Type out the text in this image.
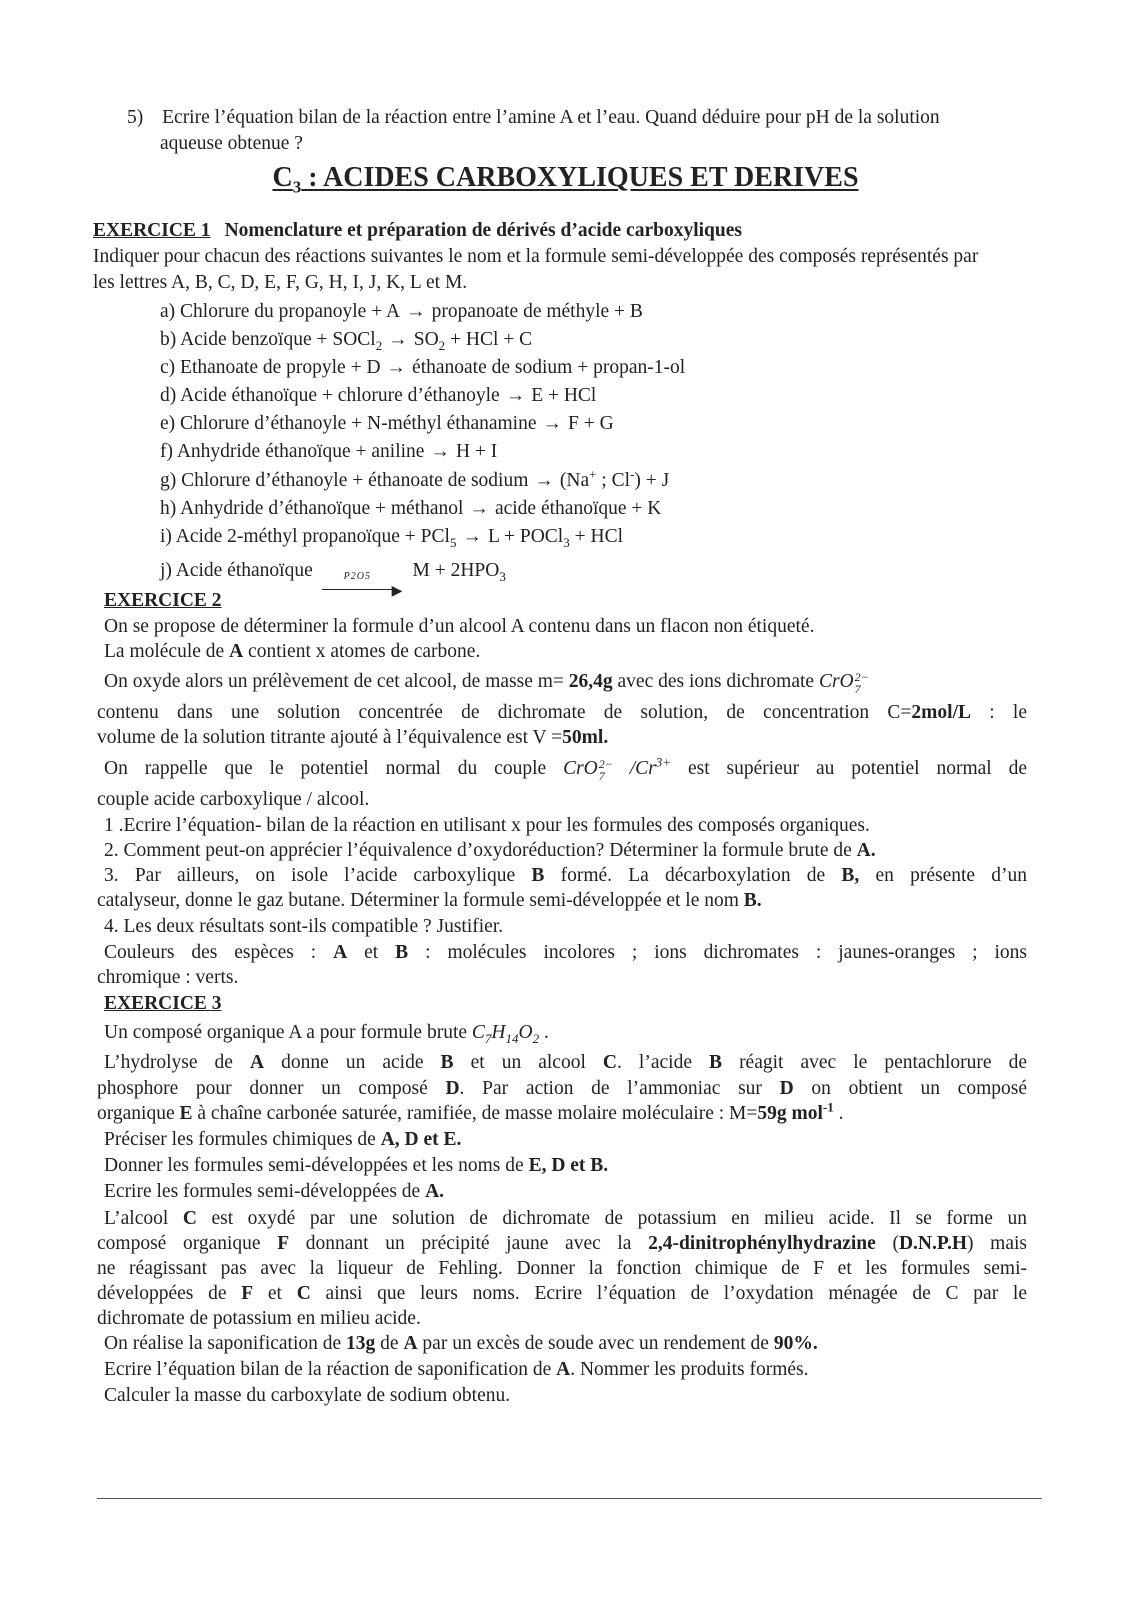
5) Ecrire l’équation bilan de la réaction entre l’amine A et l’eau. Quand déduire pour pH de la solution
aqueuse obtenue ?
$C_3$ : ACIDES CARBOXYLIQUES ET DERIVES
EXERCICE 1 Nomenclature et préparation de dérivés d’acide carboxyliques
Indiquer pour chacun des réactions suivantes le nom et la formule semi-développée des composés représentés par
les lettres A, B, C, D, E, F, G, H, I, J, K, L et M.
a) Chlorure du propanoyle + A → propanoate de méthyle + B
b) Acide benzoïque + SOCl$_2$ → $SO_2$ + HCl + C
c) Ethanoate de propyle + D → éthanoate de sodium + propan-1-ol
d) Acide éthanoïque + chlorure d’éthanoyle → E + HCl
e) Chlorure d’éthanoyle + N-méthyl éthanamine → F + G
f) Anhydride éthanoïque + aniline → H + I
g) Chlorure d’éthanoyle + éthanoate de sodium → (Na+ ; Cl-) + J
h) Anhydride d’éthanoïque + méthanol → acide éthanoïque + K
i) Acide 2-méthyl propanoïque + PCl$_5$ → L + POCl$_3$ + HCl
j) Acide éthanoïque	P2O5
▶
$M + 2HPO_3$
EXERCICE 2
On se propose de déterminer la formule d’un alcool A contenu dans un flacon non étiqueté.
La molécule de A contient x atomes de carbone.
On oxyde alors un prélèvement de cet alcool, de masse m= 26,4g avec des ions dichromate CrO 2−
7
contenu dans une solution concentrée de dichromate de solution, de concentration C=2mol/L : le
volume de la solution titrante ajouté à l’équivalence est V =50ml.
On rappelle que le potentiel normal du couple CrO 2−
7 $/Cr^{3+}$ est supérieur au potentiel normal de
couple acide carboxylique / alcool.
1 .Ecrire l’équation- bilan de la réaction en utilisant x pour les formules des composés organiques.
2. Comment peut-on apprécier l’équivalence d’oxydoréduction? Déterminer la formule brute de A.
3. Par ailleurs, on isole l’acide carboxylique B formé. La décarboxylation de B, en présente d’un
catalyseur, donne le gaz butane. Déterminer la formule semi-développée et le nom B.
4. Les deux résultats sont-ils compatible ? Justifier.
Couleurs des espèces : A et B : molécules incolores ; ions dichromates : jaunes-oranges ; ions
chromique : verts.
EXERCICE 3
Un composé organique A a pour formule brute $C_7H_{14}O_2$ .
L’hydrolyse de A donne un acide B et un alcool C. l’acide B réagit avec le pentachlorure de
phosphore pour donner un composé D. Par action de l’ammoniac sur D on obtient un composé
organique E à chaîne carbonée saturée, ramifiée, de masse molaire moléculaire : M=59g mol$^{-1}$ .
Préciser les formules chimiques de A, D et E.
Donner les formules semi-développées et les noms de E, D et B.
Ecrire les formules semi-développées de A.
L’alcool C est oxydé par une solution de dichromate de potassium en milieu acide. Il se forme un
composé organique F donnant un précipité jaune avec la 2,4-dinitrophénylhydrazine (D.N.P.H) mais
ne réagissant pas avec la liqueur de Fehling. Donner la fonction chimique de F et les formules semi-
développées de F et C ainsi que leurs noms. Ecrire l’équation de l’oxydation ménagée de C par le
dichromate de potassium en milieu acide.
On réalise la saponification de 13g de A par un excès de soude avec un rendement de 90%.
Ecrire l’équation bilan de la réaction de saponification de A. Nommer les produits formés.
Calculer la masse du carboxylate de sodium obtenu.
